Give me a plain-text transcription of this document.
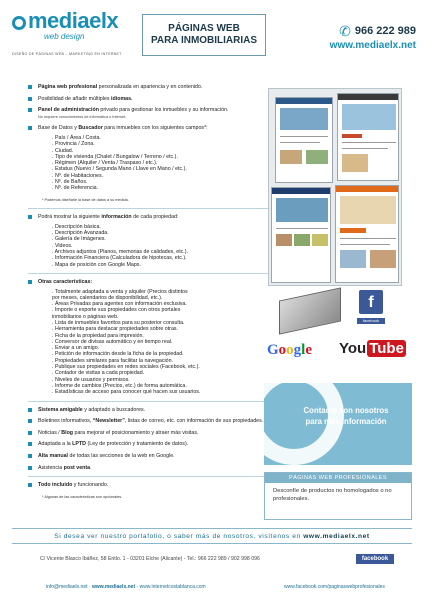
mediaelx
web design
DISEÑO DE PÁGINAS WEB – MARKETING EN INTERNET
PÁGINAS WEB
PARA INMOBILIARIAS
✆ 966 222 989
www.mediaelx.net
Página web profesional personalizada en apariencia y en contenido.
Posibilidad de añadir múltiples idiomas.
Panel de administración privado para gestionar los inmuebles y su información.
No requiere conocimientos de informática o Internet.
Base de Datos y Buscador para inmuebles con los siguientes campos*:
. País / Área / Costa.
. Provincia / Zona.
. Ciudad.
. Tipo de vivienda (Chalet / Bungalow / Terreno / etc.).
. Régimen (Alquiler / Venta / Traspaso / etc.).
. Estatus (Nuevo / Segunda Mano / Llave en Mano / etc.).
. Nº. de Habitaciones.
. Nº. de Baños.
. Nº. de Referencia.
* Podemos diseñarle la base de datos a su medida.
Podrá mostrar la siguiente información de cada propiedad:
. Descripción básica.
. Descripción Avanzada.
. Galería de Imágenes.
. Videos.
. Archivos adjuntos (Planos, memorias de calidades, etc.).
. Información Financiera (Calculadora de hipotecas, etc.).
. Mapa de posición con Google Maps.
Otras características:
. Totalmente adaptada a venta y alquiler (Precios distintos
por meses, calendarios de disponibilidad, etc.).
. Áreas Privadas para agentes con información exclusiva.
. Importe o exporte sus propiedades con otros portales
inmobiliarios o páginas web.
. Lista de inmuebles favoritos para su posterior consulta.
. Herramienta para destacar propiedades sobre otras.
. Ficha de la propiedad para impresión.
. Conversor de divisas automático y en tiempo real.
. Enviar a un amigo.
. Petición de información desde la ficha de la propiedad.
. Propiedades similares para facilitar la navegación.
. Publique sus propiedades en redes sociales (Facebook, etc.).
. Contador de visitas a cada propiedad.
. Niveles de usuarios y permisos.
. Informe de cambios (Precios, etc.) de forma automática.
. Estadísticas de acceso para conocer qué hacen sus usuarios.
Sistema amigable y adaptado a buscadores.
Boletines informativos, “Newsletter”, listas de correo, etc. con información de sus propiedades.
Noticias / Blog para mejorar el posicionamiento y atraer más visitas.
Adaptada a la LPTD (Ley de protección y tratamiento de datos).
Alta manual de todas las secciones de la web en Google.
Asistencia post venta.
Todo incluido y funcionando.
* Algunas de las características son opcionales.
f
facebook
Google You Tube
Contacte con nosotros
para más información
PÁGINAS WEB PROFESIONALES
Desconfíe de productos no homologados o no profesionales.
Si desea ver nuestro portafolio, o saber más de nosotros, visítenos en www.mediaelx.net
C/ Vicente Blasco Ibáñez, 58 Entlo. 1 - 03201 Elche (Alicante) - Tel.: 966 222 989 / 902 998 096	facebook
info@mediaelx.net · www.mediaelx.net · www.internetcostablanca.com	www.facebook.com/paginaswebprofesionales
